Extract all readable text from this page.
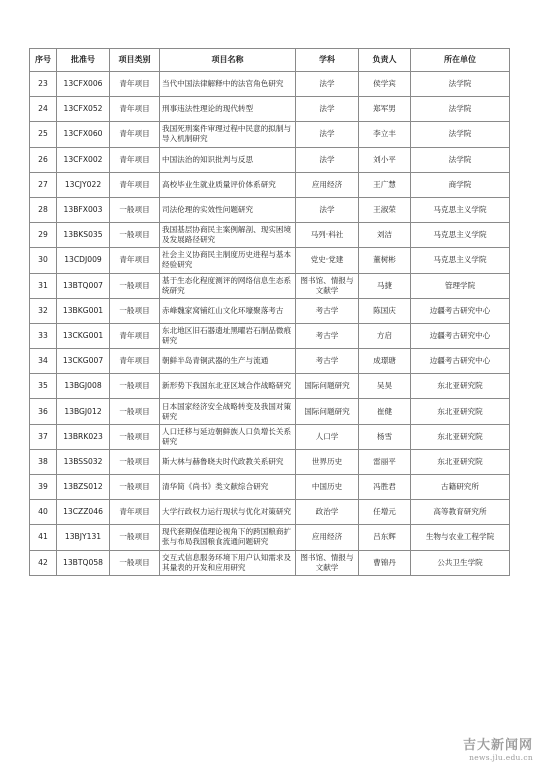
序号	批准号	项目类别	项目名称	学科	负责人	所在单位
23	13CFX006	青年项目	当代中国法律解释中的法官角色研究	法学	侯学宾	法学院
24	13CFX052	青年项目	刑事违法性理论的现代转型	法学	郑军男	法学院
25	13CFX060	青年项目	我国死刑案件审理过程中民意的拟制与导入机制研究	法学	李立丰	法学院
26	13CFX002	青年项目	中国法治的知识批判与反思	法学	刘小平	法学院
27	13CJY022	青年项目	高校毕业生就业质量评价体系研究	应用经济	王广慧	商学院
28	13BFX003	一般项目	司法伦理的实效性问题研究	法学	王淑荣	马克思主义学院
29	13BKS035	一般项目	我国基层协商民主案例解剖、现实困境及发展路径研究	马列·科社	刘洁	马克思主义学院
30	13CDJ009	青年项目	社会主义协商民主制度历史进程与基本经验研究	党史·党建	董树彬	马克思主义学院
31	13BTQ007	一般项目	基于生态化程度测评的网络信息生态系统研究	图书馆、情报与文献学	马捷	管理学院
32	13BKG001	一般项目	赤峰魏家窝铺红山文化环壕聚落考古	考古学	陈国庆	边疆考古研究中心
33	13CKG001	青年项目	东北地区旧石器遗址黑曜岩石制品微痕研究	考古学	方启	边疆考古研究中心
34	13CKG007	青年项目	朝鲜半岛青铜武器的生产与流通	考古学	成璟瑭	边疆考古研究中心
35	13BGJ008	一般项目	新形势下我国东北亚区域合作战略研究	国际问题研究	吴昊	东北亚研究院
36	13BGJ012	一般项目	日本国家经济安全战略转变及我国对策研究	国际问题研究	崔健	东北亚研究院
37	13BRK023	一般项目	人口迁移与延边朝鲜族人口负增长关系研究	人口学	杨雪	东北亚研究院
38	13BSS032	一般项目	斯大林与赫鲁晓夫时代政教关系研究	世界历史	雷丽平	东北亚研究院
39	13BZS012	一般项目	清华简《尚书》类文献综合研究	中国历史	冯胜君	古籍研究所
40	13CZZ046	青年项目	大学行政权力运行现状与优化对策研究	政治学	任增元	高等教育研究所
41	13BJY131	一般项目	现代套期保值理论视角下的跨国粮商扩张与布局我国粮食流通问题研究	应用经济	吕东辉	生物与农业工程学院
42	13BTQ058	一般项目	交互式信息服务环境下用户认知需求及其量表的开发和应用研究	图书馆、情报与文献学	曹锦丹	公共卫生学院
吉大新闻网
news.jlu.edu.cn
